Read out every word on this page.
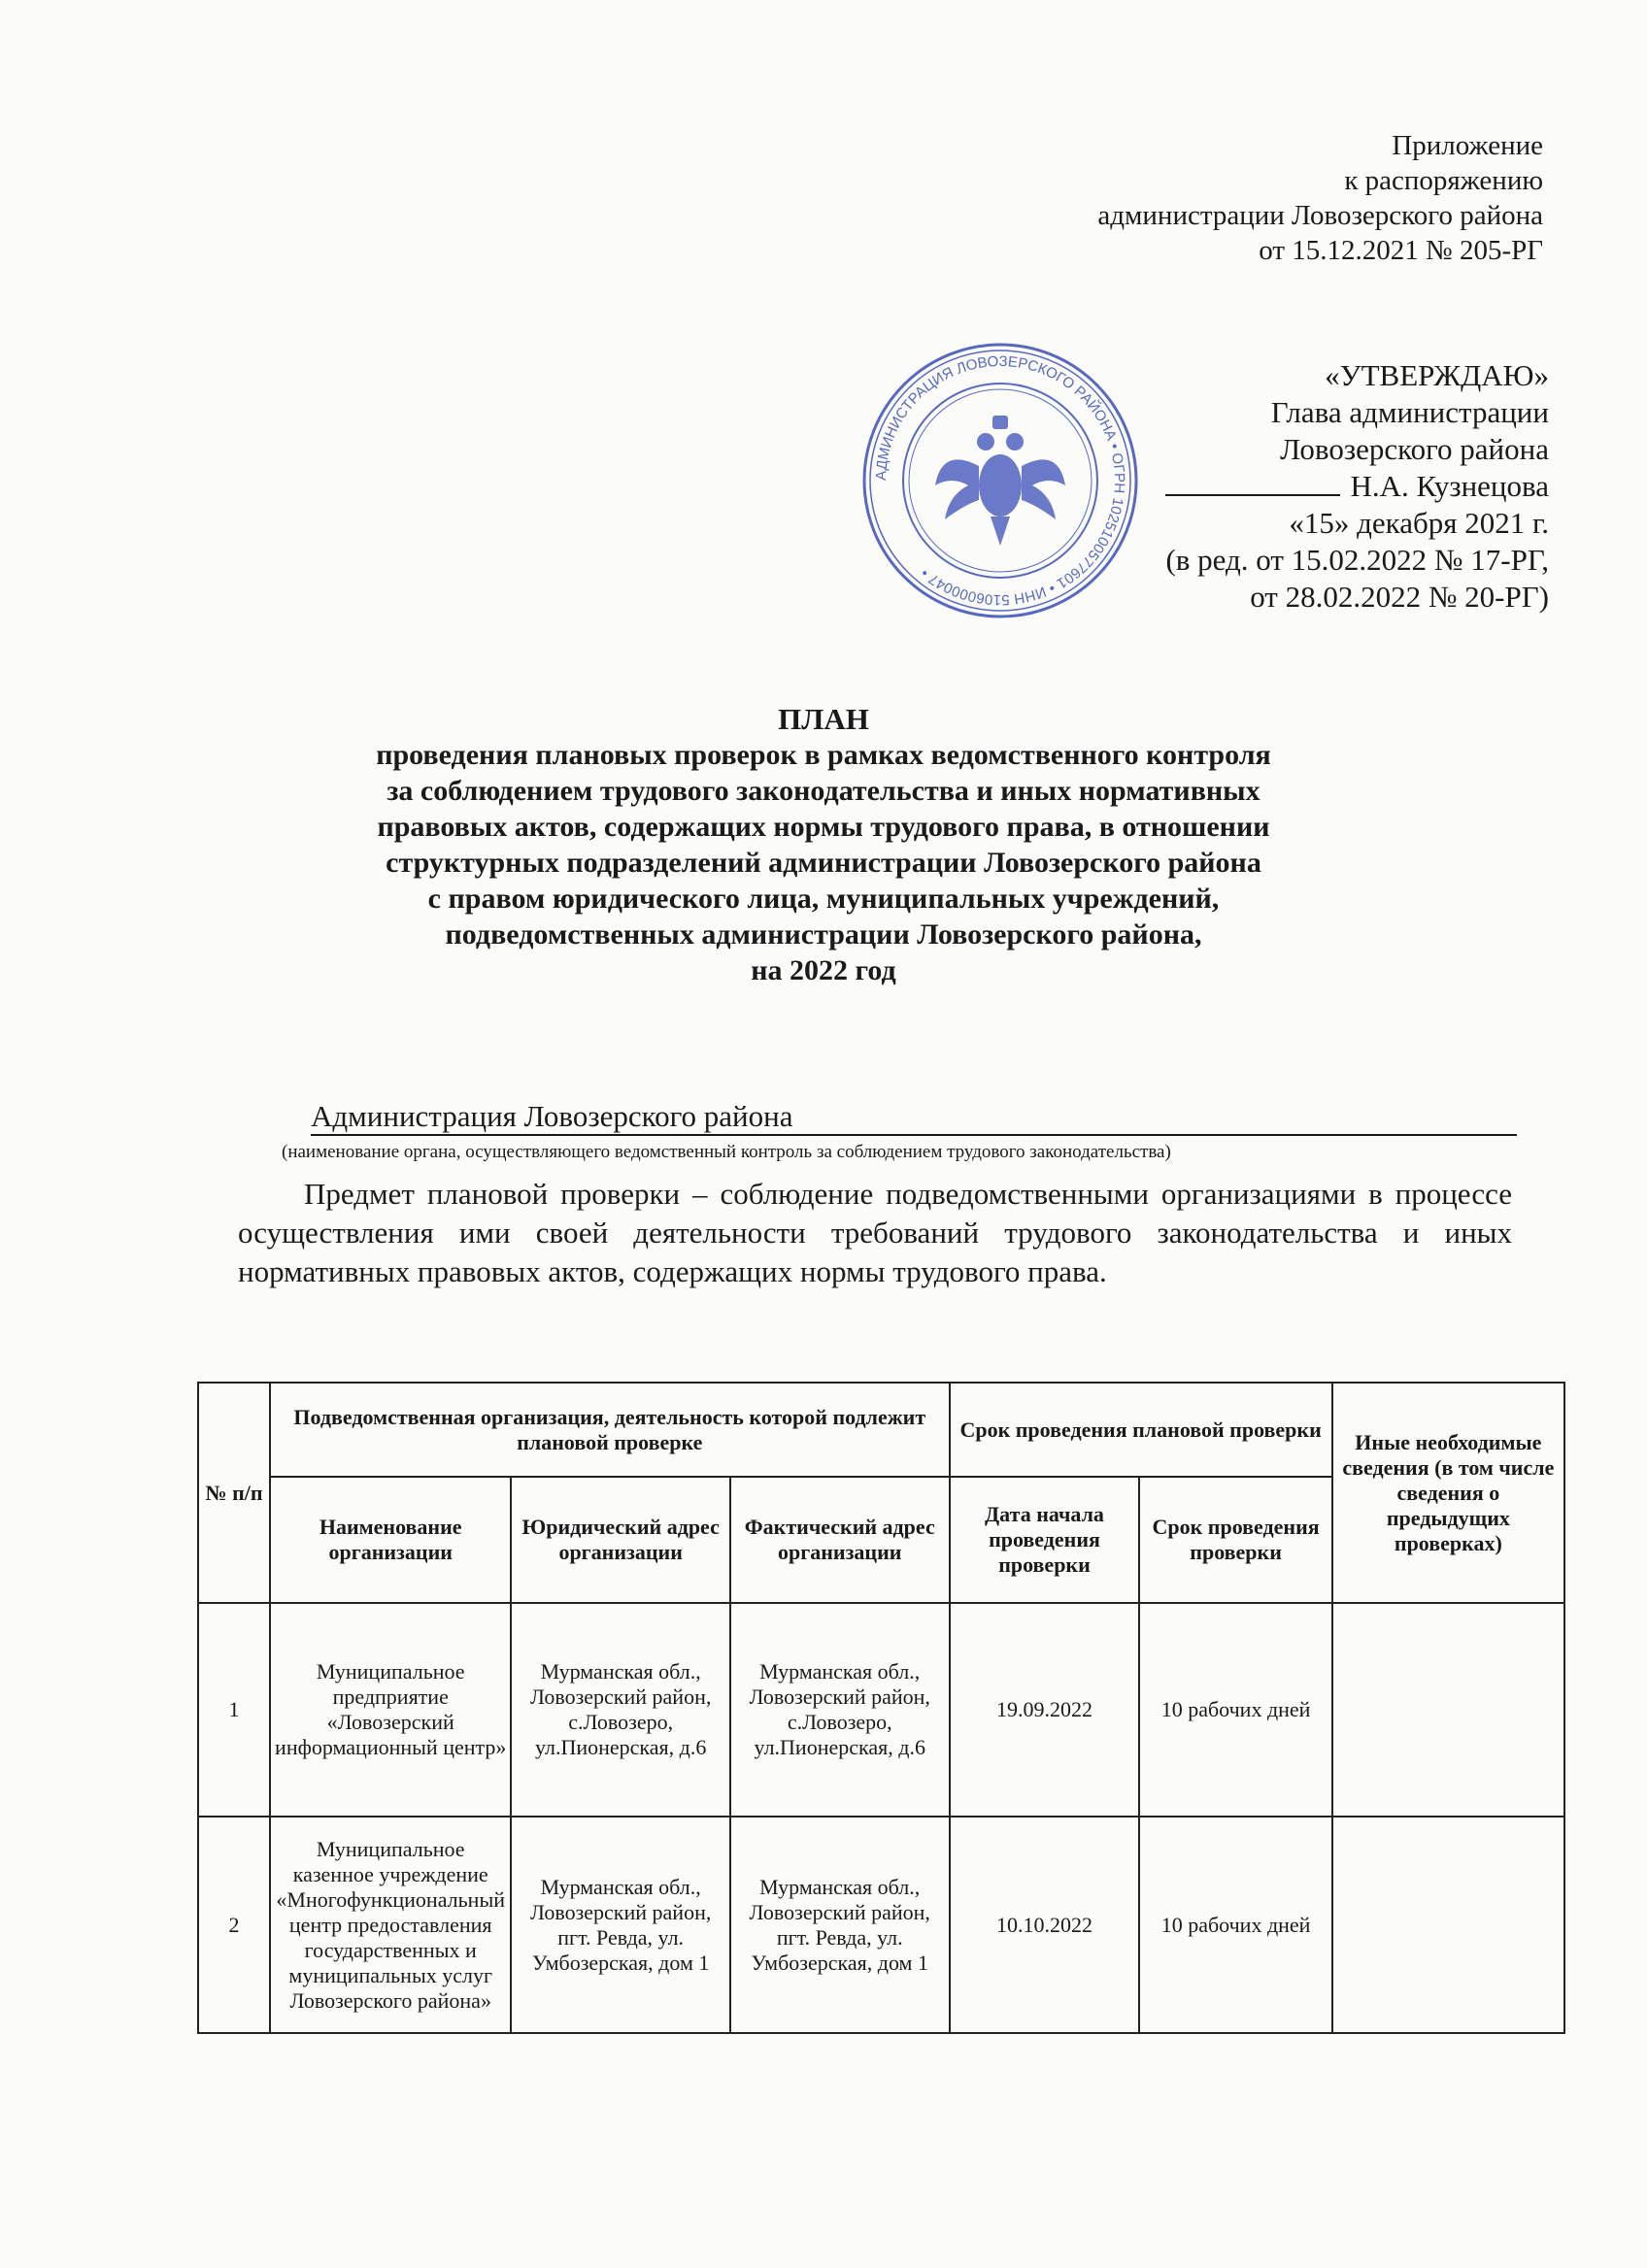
Приложение
к распоряжению
администрации Ловозерского района
от 15.12.2021 № 205-РГ
АДМИНИСТРАЦИЯ ЛОВОЗЕРСКОГО РАЙОНА • ОГРН 1025100577601 • ИНН 5106000047 •
«УТВЕРЖДАЮ»
Глава администрации
Ловозерского района
Н.А. Кузнецова
«15» декабря 2021 г.
(в ред. от 15.02.2022 № 17-РГ,
от 28.02.2022 № 20-РГ)
ПЛАН
проведения плановых проверок в рамках ведомственного контроля
за соблюдением трудового законодательства и иных нормативных
правовых актов, содержащих нормы трудового права, в отношении
структурных подразделений администрации Ловозерского района
с правом юридического лица, муниципальных учреждений,
подведомственных администрации Ловозерского района,
на 2022 год
Администрация Ловозерского района
(наименование органа, осуществляющего ведомственный контроль за соблюдением трудового законодательства)
Предмет плановой проверки – соблюдение подведомственными организациями в процессе осуществления ими своей деятельности требований трудового законодательства и иных нормативных правовых актов, содержащих нормы трудового права.
№ п/п	Подведомственная организация, деятельность которой подлежит плановой проверке			Срок проведения плановой проверки		Иные необходимые сведения (в том числе сведения о предыдущих проверках)
	Наименование организации	Юридический адрес организации	Фактический адрес организации	Дата начала проведения проверки	Срок проведения проверки	
1	Муниципальное предприятие «Ловозерский информационный центр»	Мурманская обл., Ловозерский район, с.Ловозеро, ул.Пионерская, д.6	Мурманская обл., Ловозерский район, с.Ловозеро, ул.Пионерская, д.6	19.09.2022	10 рабочих дней	
2	Муниципальное казенное учреждение «Многофункциональный центр предоставления государственных и муниципальных услуг Ловозерского района»	Мурманская обл., Ловозерский район, пгт. Ревда, ул. Умбозерская, дом 1	Мурманская обл., Ловозерский район, пгт. Ревда, ул. Умбозерская, дом 1	10.10.2022	10 рабочих дней	
